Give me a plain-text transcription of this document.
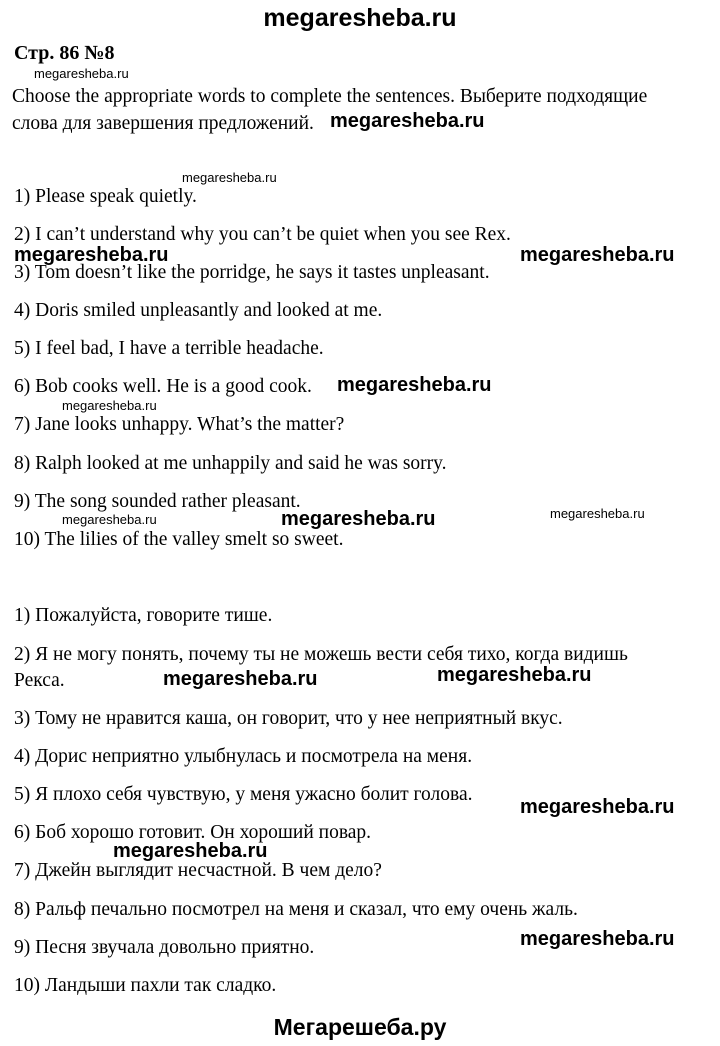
megaresheba.ru
Стр. 86 №8
Choose the appropriate words to complete the sentences. Выберите подходящие
слова для завершения предложений.
1) Please speak quietly.
2) I can’t understand why you can’t be quiet when you see Rex.
3) Tom doesn’t like the porridge, he says it tastes unpleasant.
4) Doris smiled unpleasantly and looked at me.
5) I feel bad, I have a terrible headache.
6) Bob cooks well. He is a good cook.
7) Jane looks unhappy. What’s the matter?
8) Ralph looked at me unhappily and said he was sorry.
9) The song sounded rather pleasant.
10) The lilies of the valley smelt so sweet.
1) Пожалуйста, говорите тише.
2) Я не могу понять, почему ты не можешь вести себя тихо, когда видишь
Рекса.
3) Тому не нравится каша, он говорит, что у нее неприятный вкус.
4) Дорис неприятно улыбнулась и посмотрела на меня.
5) Я плохо себя чувствую, у меня ужасно болит голова.
6) Боб хорошо готовит. Он хороший повар.
7) Джейн выглядит несчастной. В чем дело?
8) Ральф печально посмотрел на меня и сказал, что ему очень жаль.
9) Песня звучала довольно приятно.
10) Ландыши пахли так сладко.
megaresheba.ru
megaresheba.ru
megaresheba.ru
megaresheba.ru	megaresheba.ru
megaresheba.ru
megaresheba.ru
megaresheba.ru	megaresheba.ru	megaresheba.ru
megaresheba.ru	megaresheba.ru
megaresheba.ru
megaresheba.ru
megaresheba.ru
Мегарешеба.ру
